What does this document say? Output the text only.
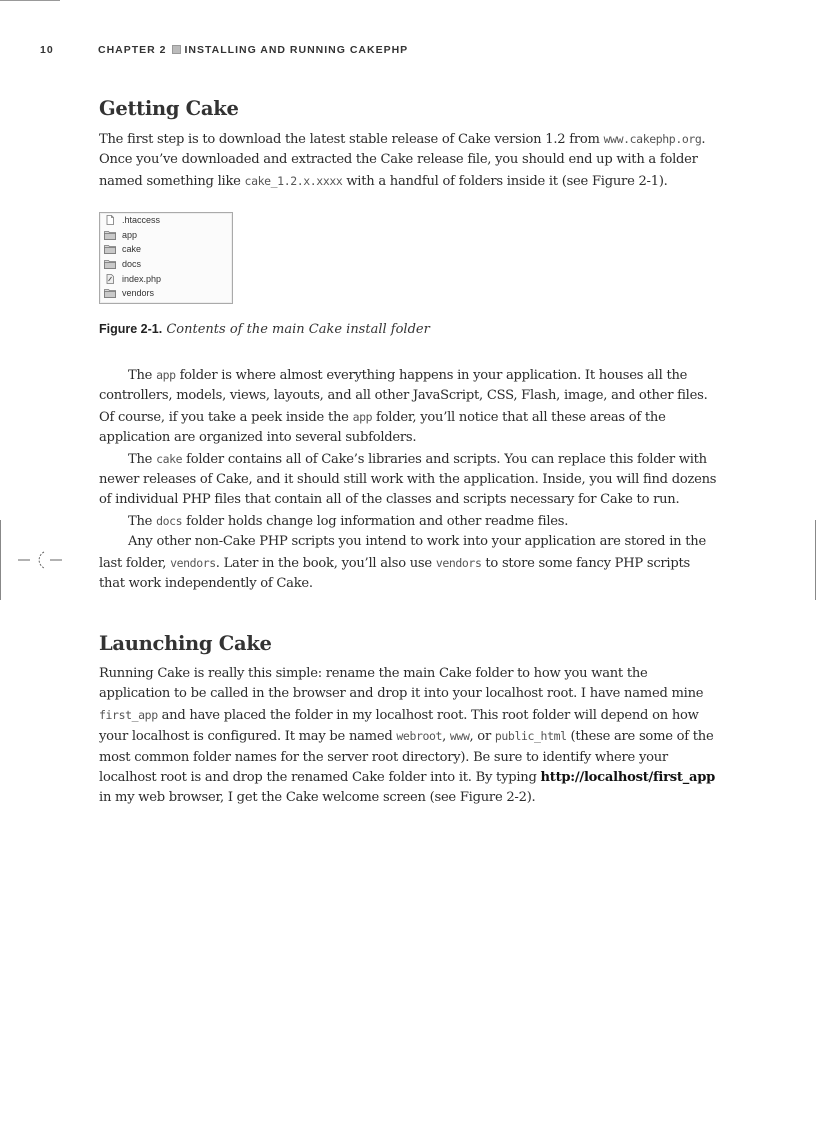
10	CHAPTER 2 INSTALLING AND RUNNING CAKEPHP
Getting Cake

The first step is to download the latest stable release of Cake version 1.2 from www.cakephp.org. Once you’ve downloaded and extracted the Cake release file, you should end up with a folder named something like cake_1.2.x.xxxx with a handful of folders inside it (see Figure 2-1).

.htaccess
app
cake
docs
index.php
vendors
Figure 2-1. Contents of the main Cake install folder

The app folder is where almost everything happens in your application. It houses all the controllers, models, views, layouts, and all other JavaScript, CSS, Flash, image, and other files. Of course, if you take a peek inside the app folder, you’ll notice that all these areas of the application are organized into several subfolders.

The cake folder contains all of Cake’s libraries and scripts. You can replace this folder with newer releases of Cake, and it should still work with the application. Inside, you will find dozens of individual PHP files that contain all of the classes and scripts necessary for Cake to run.

The docs folder holds change log information and other readme files.

Any other non-Cake PHP scripts you intend to work into your application are stored in the last folder, vendors. Later in the book, you’ll also use vendors to store some fancy PHP scripts that work independently of Cake.

Launching Cake

Running Cake is really this simple: rename the main Cake folder to how you want the application to be called in the browser and drop it into your localhost root. I have named mine first_app and have placed the folder in my localhost root. This root folder will depend on how your localhost is configured. It may be named webroot, www, or public_html (these are some of the most common folder names for the server root directory). Be sure to identify where your localhost root is and drop the renamed Cake folder into it. By typing http://localhost/first_app in my web browser, I get the Cake welcome screen (see Figure 2-2).
